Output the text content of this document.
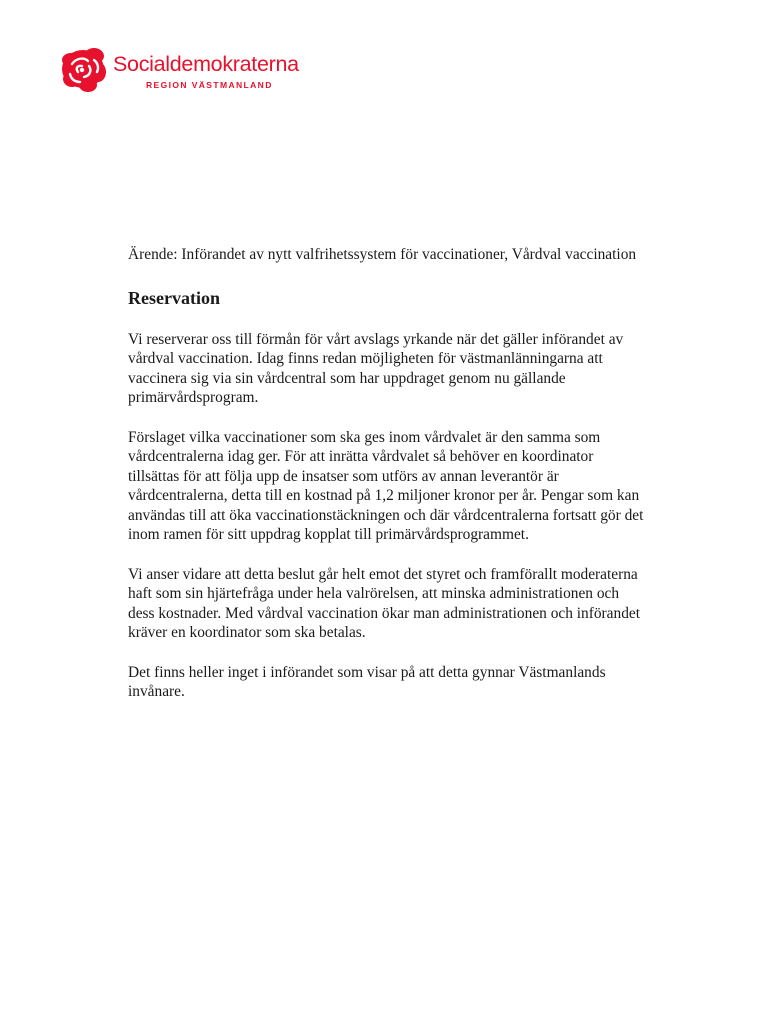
Socialdemokraterna
REGION VÄSTMANLAND

Ärende: Införandet av nytt valfrihetssystem för vaccinationer, Vårdval vaccination

Reservation

Vi reserverar oss till förmån för vårt avslags yrkande när det gäller införandet av vårdval vaccination. Idag finns redan möjligheten för västmanlänningarna att vaccinera sig via sin vårdcentral som har uppdraget genom nu gällande primärvårdsprogram.

Förslaget vilka vaccinationer som ska ges inom vårdvalet är den samma som vårdcentralerna idag ger. För att inrätta vårdvalet så behöver en koordinator tillsättas för att följa upp de insatser som utförs av annan leverantör är vårdcentralerna, detta till en kostnad på 1,2 miljoner kronor per år. Pengar som kan användas till att öka vaccinationstäckningen och där vårdcentralerna fortsatt gör det inom ramen för sitt uppdrag kopplat till primärvårdsprogrammet.

Vi anser vidare att detta beslut går helt emot det styret och framförallt moderaterna haft som sin hjärtefråga under hela valrörelsen, att minska administrationen och dess kostnader. Med vårdval vaccination ökar man administrationen och införandet kräver en koordinator som ska betalas.

Det finns heller inget i införandet som visar på att detta gynnar Västmanlands invånare.
